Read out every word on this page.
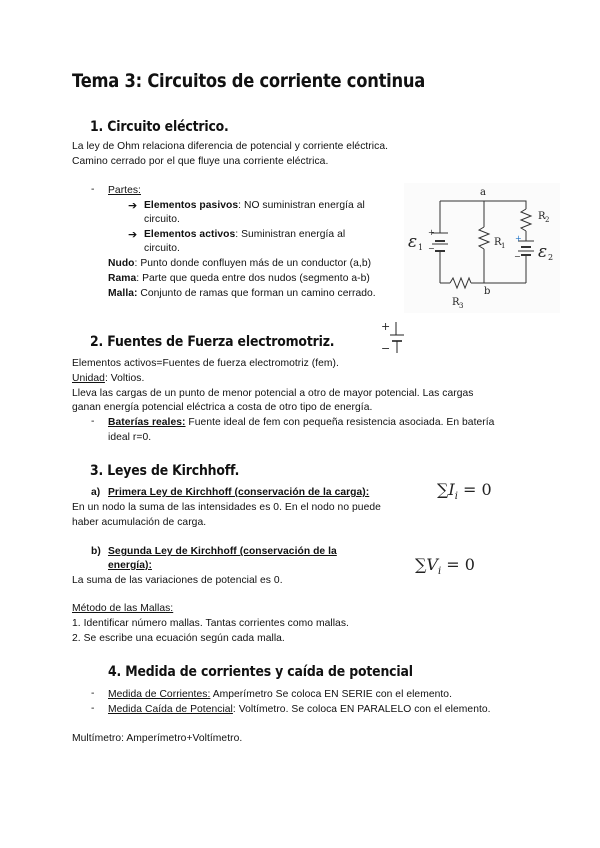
Tema 3: Circuitos de corriente continua
1. Circuito eléctrico.
La ley de Ohm relaciona diferencia de potencial y corriente eléctrica.
Camino cerrado por el que fluye una corriente eléctrica.
- Partes:
➔ Elementos pasivos: NO suministran energía al
circuito.
➔ Elementos activos: Suministran energía al
circuito.
Nudo: Punto donde confluyen más de un conductor (a,b)
Rama: Parte que queda entre dos nudos (segmento a-b)
Malla: Conjunto de ramas que forman un camino cerrado.
a
b
R 1
R 2
R 3
ε 1	ε 2
+
−
+
−
2. Fuentes de Fuerza electromotriz.
+
−
Elementos activos=Fuentes de fuerza electromotriz (fem).
Unidad: Voltios.
Lleva las cargas de un punto de menor potencial a otro de mayor potencial. Las cargas
ganan energía potencial eléctrica a costa de otro tipo de energía.
- Baterías reales: Fuente ideal de fem con pequeña resistencia asociada. En batería
ideal r=0.
3. Leyes de Kirchhoff.
a) Primera Ley de Kirchhoff (conservación de la carga):
En un nodo la suma de las intensidades es 0. En el nodo no puede
haber acumulación de carga.
$\sum I_i = 0$
b) Segunda Ley de Kirchhoff (conservación de la
energía):
La suma de las variaciones de potencial es 0.
$\sum V_i = 0$
Método de las Mallas:
1. Identificar número mallas. Tantas corrientes como mallas.
2. Se escribe una ecuación según cada malla.
4. Medida de corrientes y caída de potencial
- Medida de Corrientes: Amperímetro Se coloca EN SERIE con el elemento.
- Medida Caída de Potencial: Voltímetro. Se coloca EN PARALELO con el elemento.
Multímetro: Amperímetro+Voltímetro.
